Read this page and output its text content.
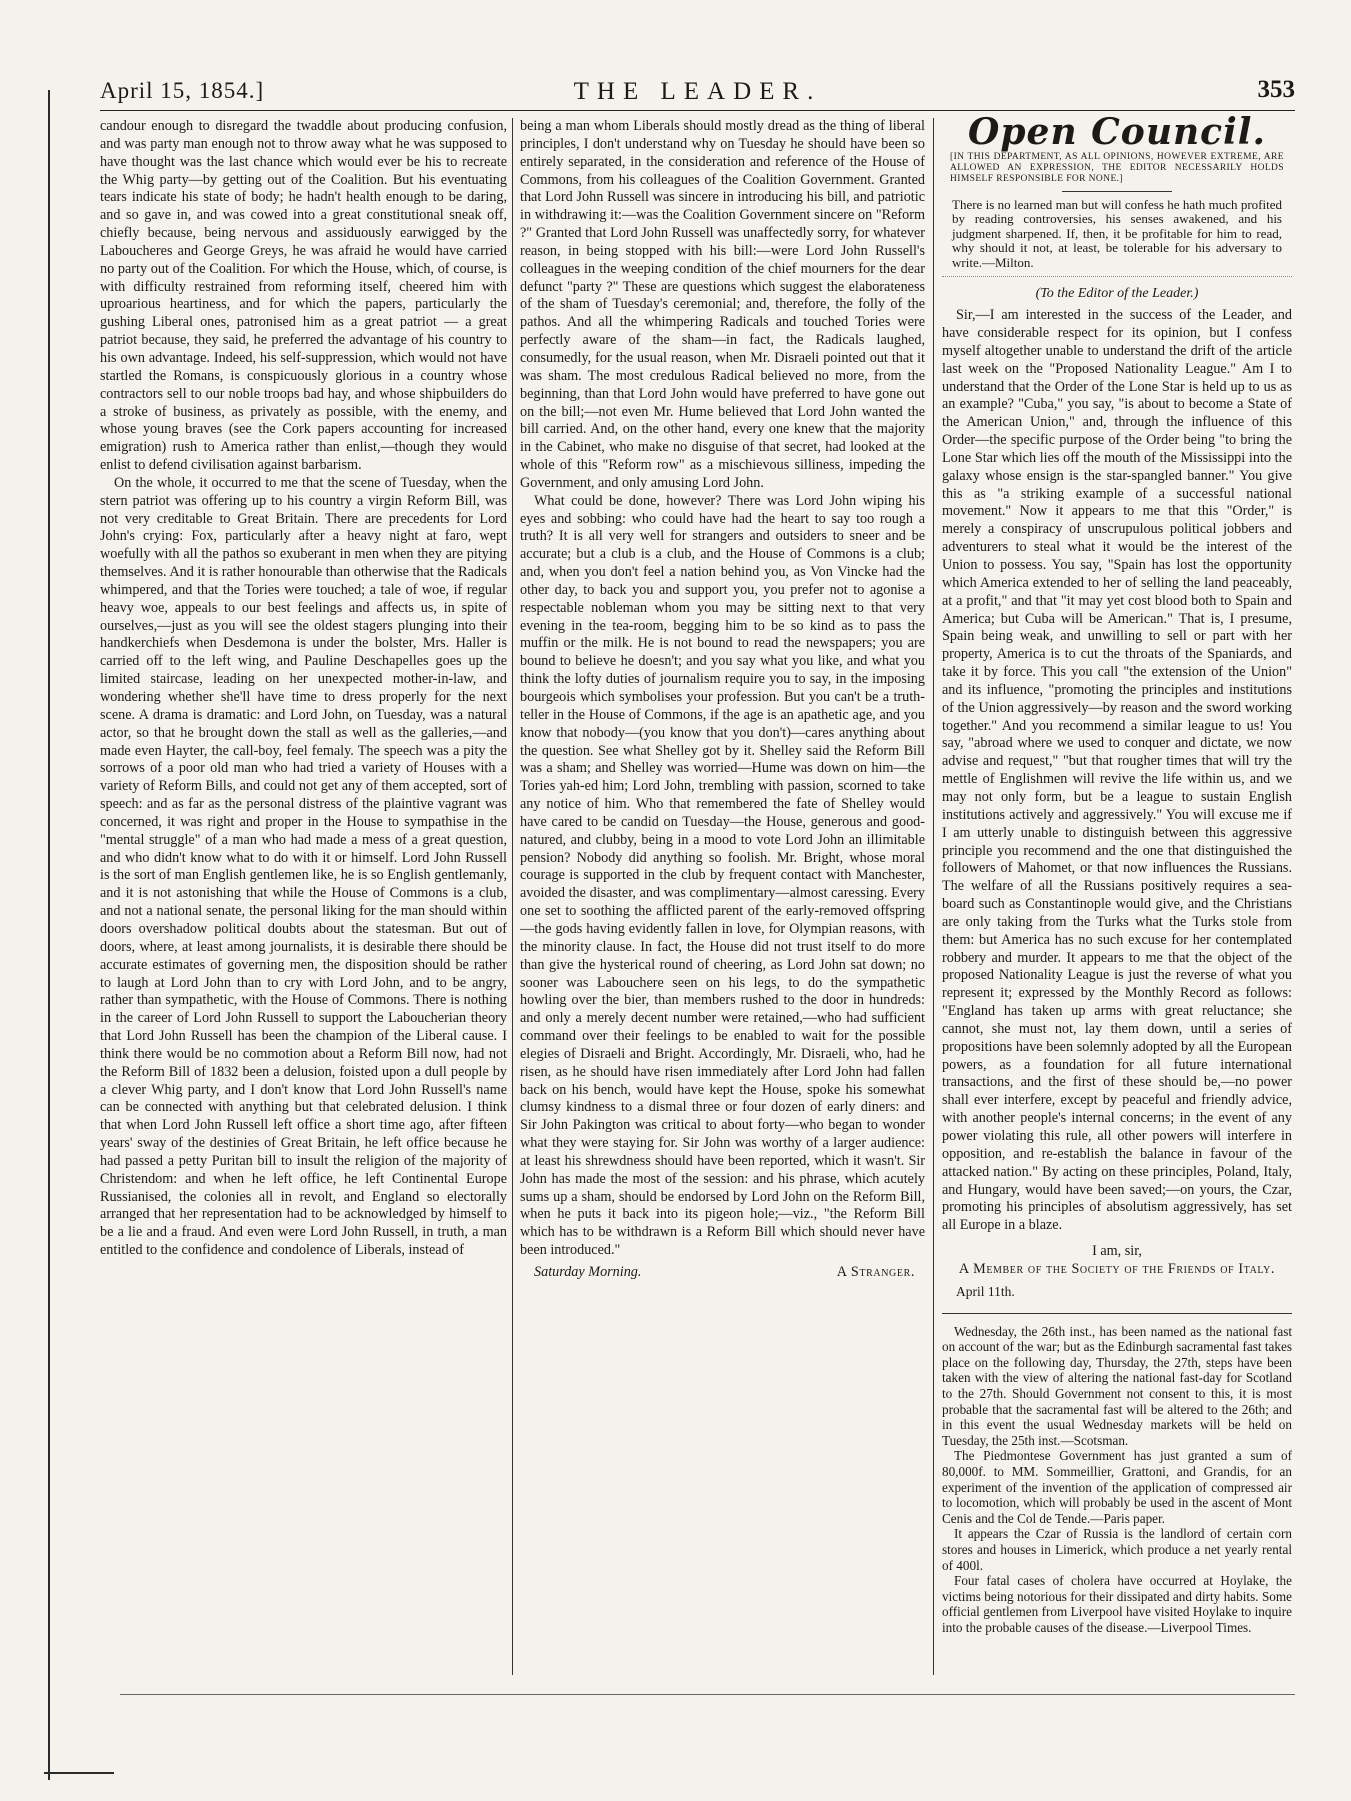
April 15, 1854.]	THE LEADER.	353

candour enough to disregard the twaddle about producing confusion, and was party man enough not to throw away what he was supposed to have thought was the last chance which would ever be his to recreate the Whig party—by getting out of the Coalition. But his eventuating tears indicate his state of body; he hadn't health enough to be daring, and so gave in, and was cowed into a great constitutional sneak off, chiefly because, being nervous and assiduously earwigged by the Laboucheres and George Greys, he was afraid he would have carried no party out of the Coalition. For which the House, which, of course, is with difficulty restrained from reforming itself, cheered him with uproarious heartiness, and for which the papers, particularly the gushing Liberal ones, patronised him as a great patriot — a great patriot because, they said, he preferred the advantage of his country to his own advantage. Indeed, his self-suppression, which would not have startled the Romans, is conspicuously glorious in a country whose contractors sell to our noble troops bad hay, and whose shipbuilders do a stroke of business, as privately as possible, with the enemy, and whose young braves (see the Cork papers accounting for increased emigration) rush to America rather than enlist,—though they would enlist to defend civilisation against barbarism.

On the whole, it occurred to me that the scene of Tuesday, when the stern patriot was offering up to his country a virgin Reform Bill, was not very creditable to Great Britain. There are precedents for Lord John's crying: Fox, particularly after a heavy night at faro, wept woefully with all the pathos so exuberant in men when they are pitying themselves. And it is rather honourable than otherwise that the Radicals whimpered, and that the Tories were touched; a tale of woe, if regular heavy woe, appeals to our best feelings and affects us, in spite of ourselves,—just as you will see the oldest stagers plunging into their handkerchiefs when Desdemona is under the bolster, Mrs. Haller is carried off to the left wing, and Pauline Deschapelles goes up the limited staircase, leading on her unexpected mother-in-law, and wondering whether she'll have time to dress properly for the next scene. A drama is dramatic: and Lord John, on Tuesday, was a natural actor, so that he brought down the stall as well as the galleries,—and made even Hayter, the call-boy, feel femaly. The speech was a pity the sorrows of a poor old man who had tried a variety of Houses with a variety of Reform Bills, and could not get any of them accepted, sort of speech: and as far as the personal distress of the plaintive vagrant was concerned, it was right and proper in the House to sympathise in the "mental struggle" of a man who had made a mess of a great question, and who didn't know what to do with it or himself. Lord John Russell is the sort of man English gentlemen like, he is so English gentlemanly, and it is not astonishing that while the House of Commons is a club, and not a national senate, the personal liking for the man should within doors overshadow political doubts about the statesman. But out of doors, where, at least among journalists, it is desirable there should be accurate estimates of governing men, the disposition should be rather to laugh at Lord John than to cry with Lord John, and to be angry, rather than sympathetic, with the House of Commons. There is nothing in the career of Lord John Russell to support the Laboucherian theory that Lord John Russell has been the champion of the Liberal cause. I think there would be no commotion about a Reform Bill now, had not the Reform Bill of 1832 been a delusion, foisted upon a dull people by a clever Whig party, and I don't know that Lord John Russell's name can be connected with anything but that celebrated delusion. I think that when Lord John Russell left office a short time ago, after fifteen years' sway of the destinies of Great Britain, he left office because he had passed a petty Puritan bill to insult the religion of the majority of Christendom: and when he left office, he left Continental Europe Russianised, the colonies all in revolt, and England so electorally arranged that her representation had to be acknowledged by himself to be a lie and a fraud. And even were Lord John Russell, in truth, a man entitled to the confidence and condolence of Liberals, instead of

being a man whom Liberals should mostly dread as the thing of liberal principles, I don't understand why on Tuesday he should have been so entirely separated, in the consideration and reference of the House of Commons, from his colleagues of the Coalition Government. Granted that Lord John Russell was sincere in introducing his bill, and patriotic in withdrawing it:—was the Coalition Government sincere on "Reform ?" Granted that Lord John Russell was unaffectedly sorry, for whatever reason, in being stopped with his bill:—were Lord John Russell's colleagues in the weeping condition of the chief mourners for the dear defunct "party ?" These are questions which suggest the elaborateness of the sham of Tuesday's ceremonial; and, therefore, the folly of the pathos. And all the whimpering Radicals and touched Tories were perfectly aware of the sham—in fact, the Radicals laughed, consumedly, for the usual reason, when Mr. Disraeli pointed out that it was sham. The most credulous Radical believed no more, from the beginning, than that Lord John would have preferred to have gone out on the bill;—not even Mr. Hume believed that Lord John wanted the bill carried. And, on the other hand, every one knew that the majority in the Cabinet, who make no disguise of that secret, had looked at the whole of this "Reform row" as a mischievous silliness, impeding the Government, and only amusing Lord John.

What could be done, however? There was Lord John wiping his eyes and sobbing: who could have had the heart to say too rough a truth? It is all very well for strangers and outsiders to sneer and be accurate; but a club is a club, and the House of Commons is a club; and, when you don't feel a nation behind you, as Von Vincke had the other day, to back you and support you, you prefer not to agonise a respectable nobleman whom you may be sitting next to that very evening in the tea-room, begging him to be so kind as to pass the muffin or the milk. He is not bound to read the newspapers; you are bound to believe he doesn't; and you say what you like, and what you think the lofty duties of journalism require you to say, in the imposing bourgeois which symbolises your profession. But you can't be a truth-teller in the House of Commons, if the age is an apathetic age, and you know that nobody—(you know that you don't)—cares anything about the question. See what Shelley got by it. Shelley said the Reform Bill was a sham; and Shelley was worried—Hume was down on him—the Tories yah-ed him; Lord John, trembling with passion, scorned to take any notice of him. Who that remembered the fate of Shelley would have cared to be candid on Tuesday—the House, generous and good-natured, and clubby, being in a mood to vote Lord John an illimitable pension? Nobody did anything so foolish. Mr. Bright, whose moral courage is supported in the club by frequent contact with Manchester, avoided the disaster, and was complimentary—almost caressing. Every one set to soothing the afflicted parent of the early-removed offspring—the gods having evidently fallen in love, for Olympian reasons, with the minority clause. In fact, the House did not trust itself to do more than give the hysterical round of cheering, as Lord John sat down; no sooner was Labouchere seen on his legs, to do the sympathetic howling over the bier, than members rushed to the door in hundreds: and only a merely decent number were retained,—who had sufficient command over their feelings to be enabled to wait for the possible elegies of Disraeli and Bright. Accordingly, Mr. Disraeli, who, had he risen, as he should have risen immediately after Lord John had fallen back on his bench, would have kept the House, spoke his somewhat clumsy kindness to a dismal three or four dozen of early diners: and Sir John Pakington was critical to about forty—who began to wonder what they were staying for. Sir John was worthy of a larger audience: at least his shrewdness should have been reported, which it wasn't. Sir John has made the most of the session: and his phrase, which acutely sums up a sham, should be endorsed by Lord John on the Reform Bill, when he puts it back into its pigeon hole;—viz., "the Reform Bill which has to be withdrawn is a Reform Bill which should never have been introduced."

Saturday Morning.	A Stranger.
Open Council.
[IN THIS DEPARTMENT, AS ALL OPINIONS, HOWEVER EXTREME, ARE ALLOWED AN EXPRESSION, THE EDITOR NECESSARILY HOLDS HIMSELF RESPONSIBLE FOR NONE.]
There is no learned man but will confess he hath much profited by reading controversies, his senses awakened, and his judgment sharpened. If, then, it be profitable for him to read, why should it not, at least, be tolerable for his adversary to write.—Milton.
(To the Editor of the Leader.)

Sir,—I am interested in the success of the Leader, and have considerable respect for its opinion, but I confess myself altogether unable to understand the drift of the article last week on the "Proposed Nationality League." Am I to understand that the Order of the Lone Star is held up to us as an example? "Cuba," you say, "is about to become a State of the American Union," and, through the influence of this Order—the specific purpose of the Order being "to bring the Lone Star which lies off the mouth of the Mississippi into the galaxy whose ensign is the star-spangled banner." You give this as "a striking example of a successful national movement." Now it appears to me that this "Order," is merely a conspiracy of unscrupulous political jobbers and adventurers to steal what it would be the interest of the Union to possess. You say, "Spain has lost the opportunity which America extended to her of selling the land peaceably, at a profit," and that "it may yet cost blood both to Spain and America; but Cuba will be American." That is, I presume, Spain being weak, and unwilling to sell or part with her property, America is to cut the throats of the Spaniards, and take it by force. This you call "the extension of the Union" and its influence, "promoting the principles and institutions of the Union aggressively—by reason and the sword working together." And you recommend a similar league to us! You say, "abroad where we used to conquer and dictate, we now advise and request," "but that rougher times that will try the mettle of Englishmen will revive the life within us, and we may not only form, but be a league to sustain English institutions actively and aggressively." You will excuse me if I am utterly unable to distinguish between this aggressive principle you recommend and the one that distinguished the followers of Mahomet, or that now influences the Russians. The welfare of all the Russians positively requires a sea-board such as Constantinople would give, and the Christians are only taking from the Turks what the Turks stole from them: but America has no such excuse for her contemplated robbery and murder. It appears to me that the object of the proposed Nationality League is just the reverse of what you represent it; expressed by the Monthly Record as follows: "England has taken up arms with great reluctance; she cannot, she must not, lay them down, until a series of propositions have been solemnly adopted by all the European powers, as a foundation for all future international transactions, and the first of these should be,—no power shall ever interfere, except by peaceful and friendly advice, with another people's internal concerns; in the event of any power violating this rule, all other powers will interfere in opposition, and re-establish the balance in favour of the attacked nation." By acting on these principles, Poland, Italy, and Hungary, would have been saved;—on yours, the Czar, promoting his principles of absolutism aggressively, has set all Europe in a blaze.

I am, sir,

A Member of the Society of the Friends of Italy.

April 11th.

Wednesday, the 26th inst., has been named as the national fast on account of the war; but as the Edinburgh sacramental fast takes place on the following day, Thursday, the 27th, steps have been taken with the view of altering the national fast-day for Scotland to the 27th. Should Government not consent to this, it is most probable that the sacramental fast will be altered to the 26th; and in this event the usual Wednesday markets will be held on Tuesday, the 25th inst.—Scotsman.

The Piedmontese Government has just granted a sum of 80,000f. to MM. Sommeillier, Grattoni, and Grandis, for an experiment of the invention of the application of compressed air to locomotion, which will probably be used in the ascent of Mont Cenis and the Col de Tende.—Paris paper.

It appears the Czar of Russia is the landlord of certain corn stores and houses in Limerick, which produce a net yearly rental of 400l.

Four fatal cases of cholera have occurred at Hoylake, the victims being notorious for their dissipated and dirty habits. Some official gentlemen from Liverpool have visited Hoylake to inquire into the probable causes of the disease.—Liverpool Times.
